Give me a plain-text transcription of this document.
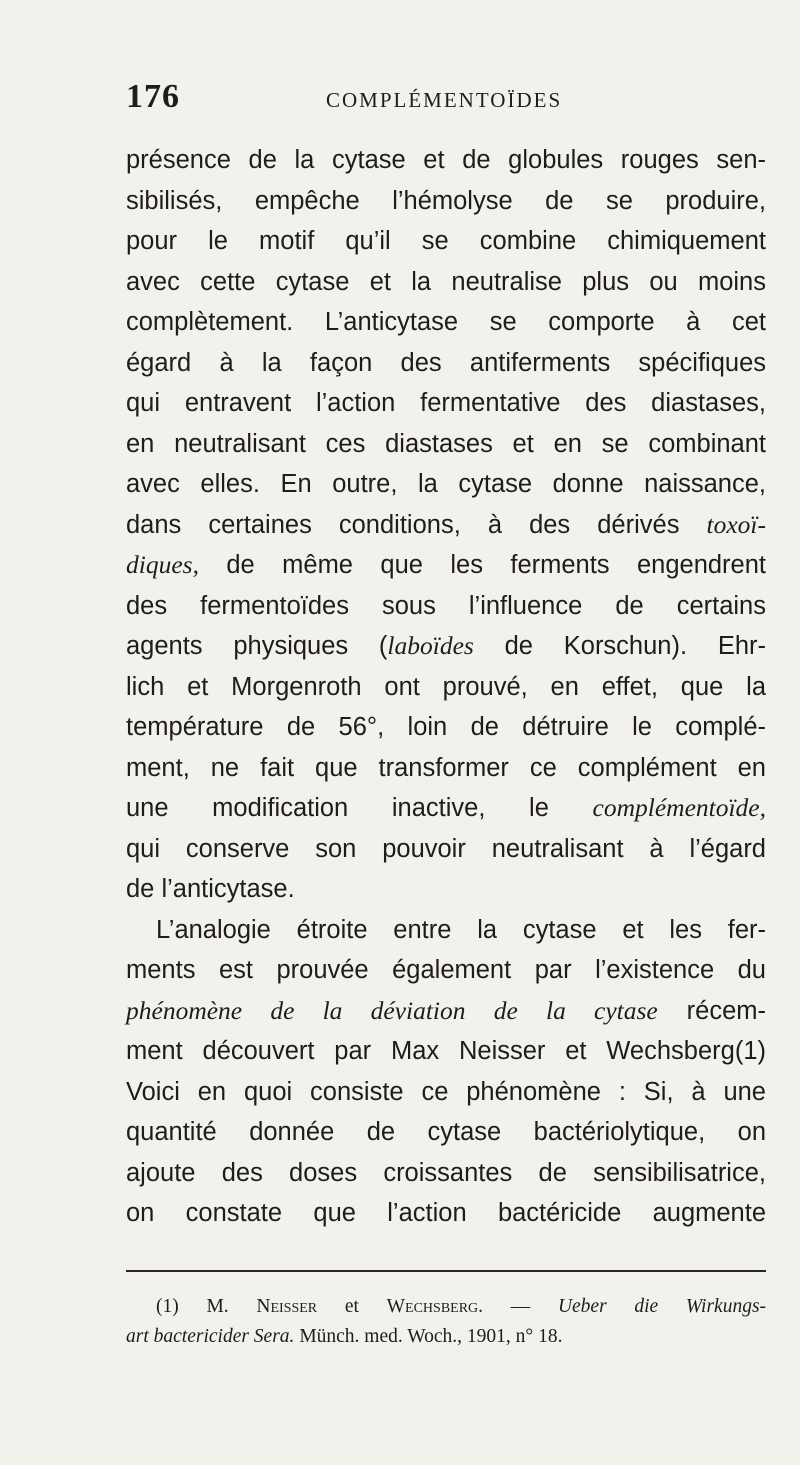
176	COMPLÉMENTOÏDES
présence de la cytase et de globules rouges sen-
sibilisés, empêche l’hémolyse de se produire,
pour le motif qu’il se combine chimiquement
avec cette cytase et la neutralise plus ou moins
complètement. L’anticytase se comporte à cet
égard à la façon des antiferments spécifiques
qui entravent l’action fermentative des diastases,
en neutralisant ces diastases et en se combinant
avec elles. En outre, la cytase donne naissance,
dans certaines conditions, à des dérivés toxoï-
diques, de même que les ferments engendrent
des fermentoïdes sous l’influence de certains
agents physiques (laboïdes de Korschun). Ehr-
lich et Morgenroth ont prouvé, en effet, que la
température de 56°, loin de détruire le complé-
ment, ne fait que transformer ce complément en
une modification inactive, le complémentoïde,
qui conserve son pouvoir neutralisant à l’égard
de l’anticytase.
L’analogie étroite entre la cytase et les fer-
ments est prouvée également par l’existence du
phénomène de la déviation de la cytase récem-
ment découvert par Max Neisser et Wechsberg(1)
Voici en quoi consiste ce phénomène : Si, à une
quantité donnée de cytase bactériolytique, on
ajoute des doses croissantes de sensibilisatrice,
on constate que l’action bactéricide augmente
(1) M. Neisser et Wechsberg. — Ueber die Wirkungs-
art bactericider Sera. Münch. med. Woch., 1901, n° 18.
